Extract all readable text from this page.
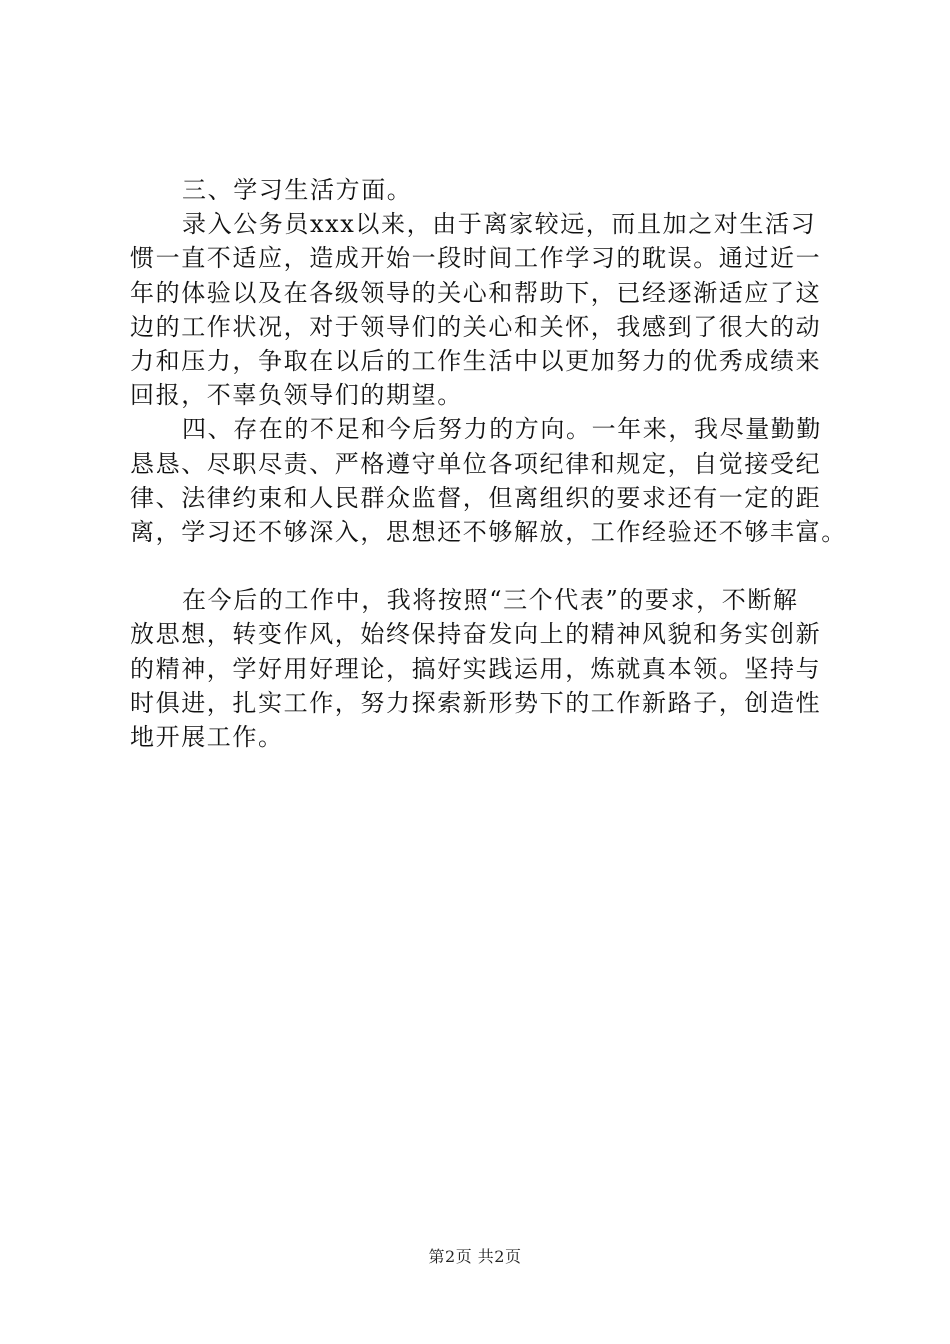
三、学习生活方面。
录入公务员xxx以来，由于离家较远，而且加之对生活习
惯一直不适应，造成开始一段时间工作学习的耽误。通过近一
年的体验以及在各级领导的关心和帮助下，已经逐渐适应了这
边的工作状况，对于领导们的关心和关怀，我感到了很大的动
力和压力，争取在以后的工作生活中以更加努力的优秀成绩来
回报，不辜负领导们的期望。
四、存在的不足和今后努力的方向。一年来，我尽量勤勤
恳恳、尽职尽责、严格遵守单位各项纪律和规定，自觉接受纪
律、法律约束和人民群众监督，但离组织的要求还有一定的距
离，学习还不够深入，思想还不够解放，工作经验还不够丰富。
在今后的工作中，我将按照“三个代表”的要求，不断解
放思想，转变作风，始终保持奋发向上的精神风貌和务实创新
的精神，学好用好理论，搞好实践运用，炼就真本领。坚持与
时俱进，扎实工作，努力探索新形势下的工作新路子，创造性
地开展工作。
第2页 共2页
